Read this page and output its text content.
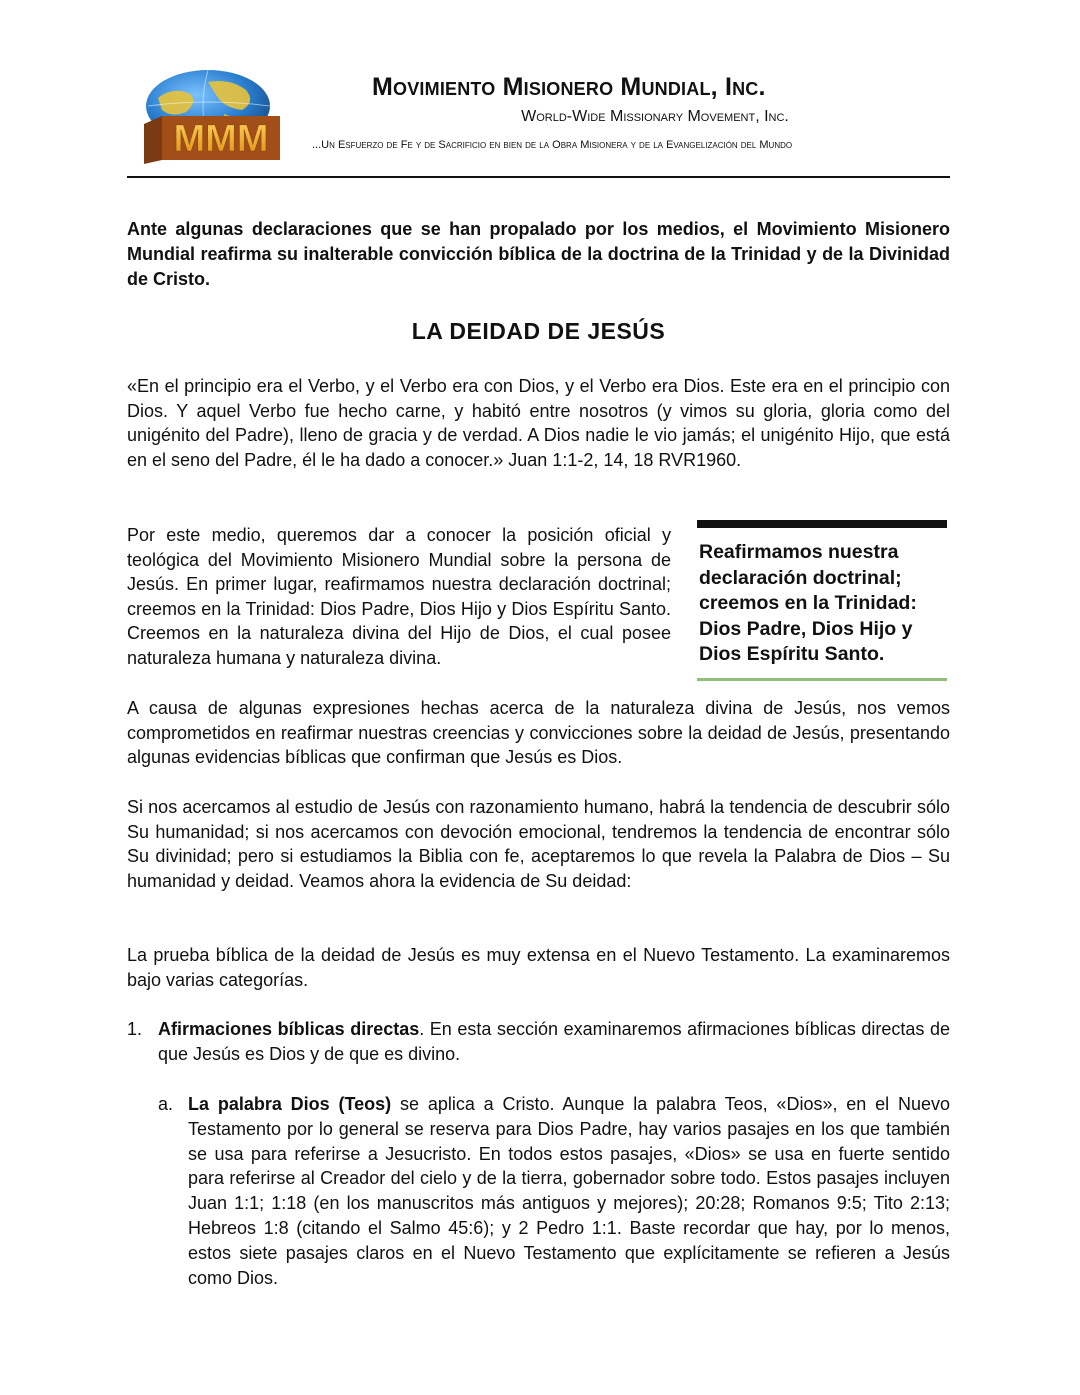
MMM
Movimiento Misionero Mundial, Inc.
World-Wide Missionary Movement, Inc.
...Un Esfuerzo de Fe y de Sacrificio en bien de la Obra Misionera y de la Evangelización del Mundo
Ante algunas declaraciones que se han propalado por los medios, el Movimiento Misionero Mundial reafirma su inalterable convicción bíblica de la doctrina de la Trinidad y de la Divinidad de Cristo.
LA DEIDAD DE JESÚS
«En el principio era el Verbo, y el Verbo era con Dios, y el Verbo era Dios. Este era en el principio con Dios. Y aquel Verbo fue hecho carne, y habitó entre nosotros (y vimos su gloria, gloria como del unigénito del Padre), lleno de gracia y de verdad. A Dios nadie le vio jamás; el unigénito Hijo, que está en el seno del Padre, él le ha dado a conocer.» Juan 1:1-2, 14, 18 RVR1960.
Por este medio, queremos dar a conocer la posición oficial y teológica del Movimiento Misionero Mundial sobre la persona de Jesús. En primer lugar, reafirmamos nuestra declaración doctrinal; creemos en la Trinidad: Dios Padre, Dios Hijo y Dios Espíritu Santo. Creemos en la naturaleza divina del Hijo de Dios, el cual posee naturaleza humana y naturaleza divina.
Reafirmamos nuestra
declaración doctrinal;
creemos en la Trinidad:
Dios Padre, Dios Hijo y
Dios Espíritu Santo.
A causa de algunas expresiones hechas acerca de la naturaleza divina de Jesús, nos vemos comprometidos en reafirmar nuestras creencias y convicciones sobre la deidad de Jesús, presentando algunas evidencias bíblicas que confirman que Jesús es Dios.
Si nos acercamos al estudio de Jesús con razonamiento humano, habrá la tendencia de descubrir sólo Su humanidad; si nos acercamos con devoción emocional, tendremos la tendencia de encontrar sólo Su divinidad; pero si estudiamos la Biblia con fe, aceptaremos lo que revela la Palabra de Dios – Su humanidad y deidad. Veamos ahora la evidencia de Su deidad:
La prueba bíblica de la deidad de Jesús es muy extensa en el Nuevo Testamento. La examinaremos bajo varias categorías.
1. Afirmaciones bíblicas directas. En esta sección examinaremos afirmaciones bíblicas directas de que Jesús es Dios y de que es divino.
a. La palabra Dios (Teos) se aplica a Cristo. Aunque la palabra Teos, «Dios», en el Nuevo Testamento por lo general se reserva para Dios Padre, hay varios pasajes en los que también se usa para referirse a Jesucristo. En todos estos pasajes, «Dios» se usa en fuerte sentido para referirse al Creador del cielo y de la tierra, gobernador sobre todo. Estos pasajes incluyen Juan 1:1; 1:18 (en los manuscritos más antiguos y mejores); 20:28; Romanos 9:5; Tito 2:13; Hebreos 1:8 (citando el Salmo 45:6); y 2 Pedro 1:1. Baste recordar que hay, por lo menos, estos siete pasajes claros en el Nuevo Testamento que explícitamente se refieren a Jesús como Dios.
